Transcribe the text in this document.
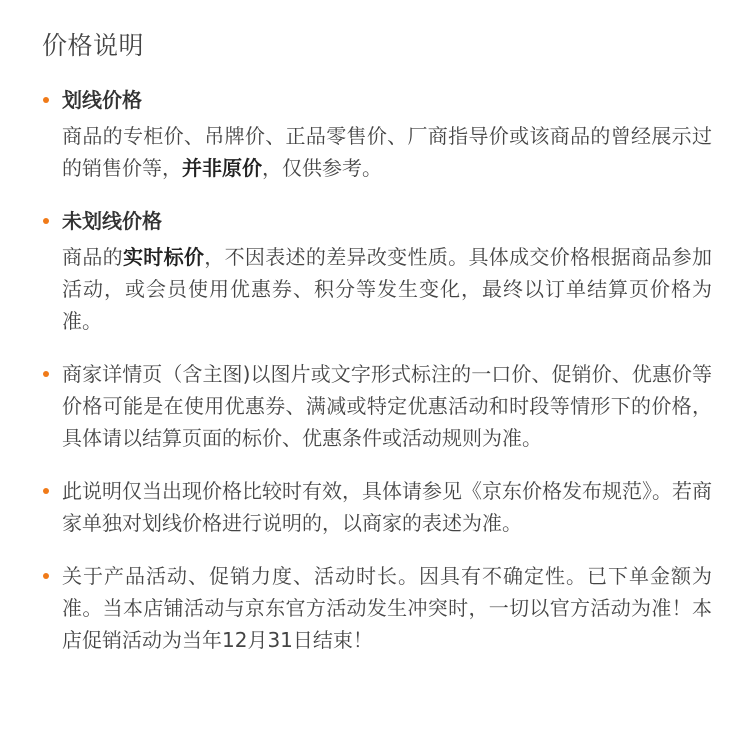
价格说明
划线价格

商品的专柜价、吊牌价、正品零售价、厂商指导价或该商品的曾经展示过的销售价等，并非原价，仅供参考。

未划线价格

商品的实时标价，不因表述的差异改变性质。具体成交价格根据商品参加活动，或会员使用优惠券、积分等发生变化，最终以订单结算页价格为准。

商家详情页（含主图)以图片或文字形式标注的一口价、促销价、优惠价等价格可能是在使用优惠券、满减或特定优惠活动和时段等情形下的价格，具体请以结算页面的标价、优惠条件或活动规则为准。

此说明仅当出现价格比较时有效，具体请参见《京东价格发布规范》。若商家单独对划线价格进行说明的，以商家的表述为准。

关于产品活动、促销力度、活动时长。因具有不确定性。已下单金额为准。当本店铺活动与京东官方活动发生冲突时，一切以官方活动为准！本店促销活动为当年12月31日结束！
